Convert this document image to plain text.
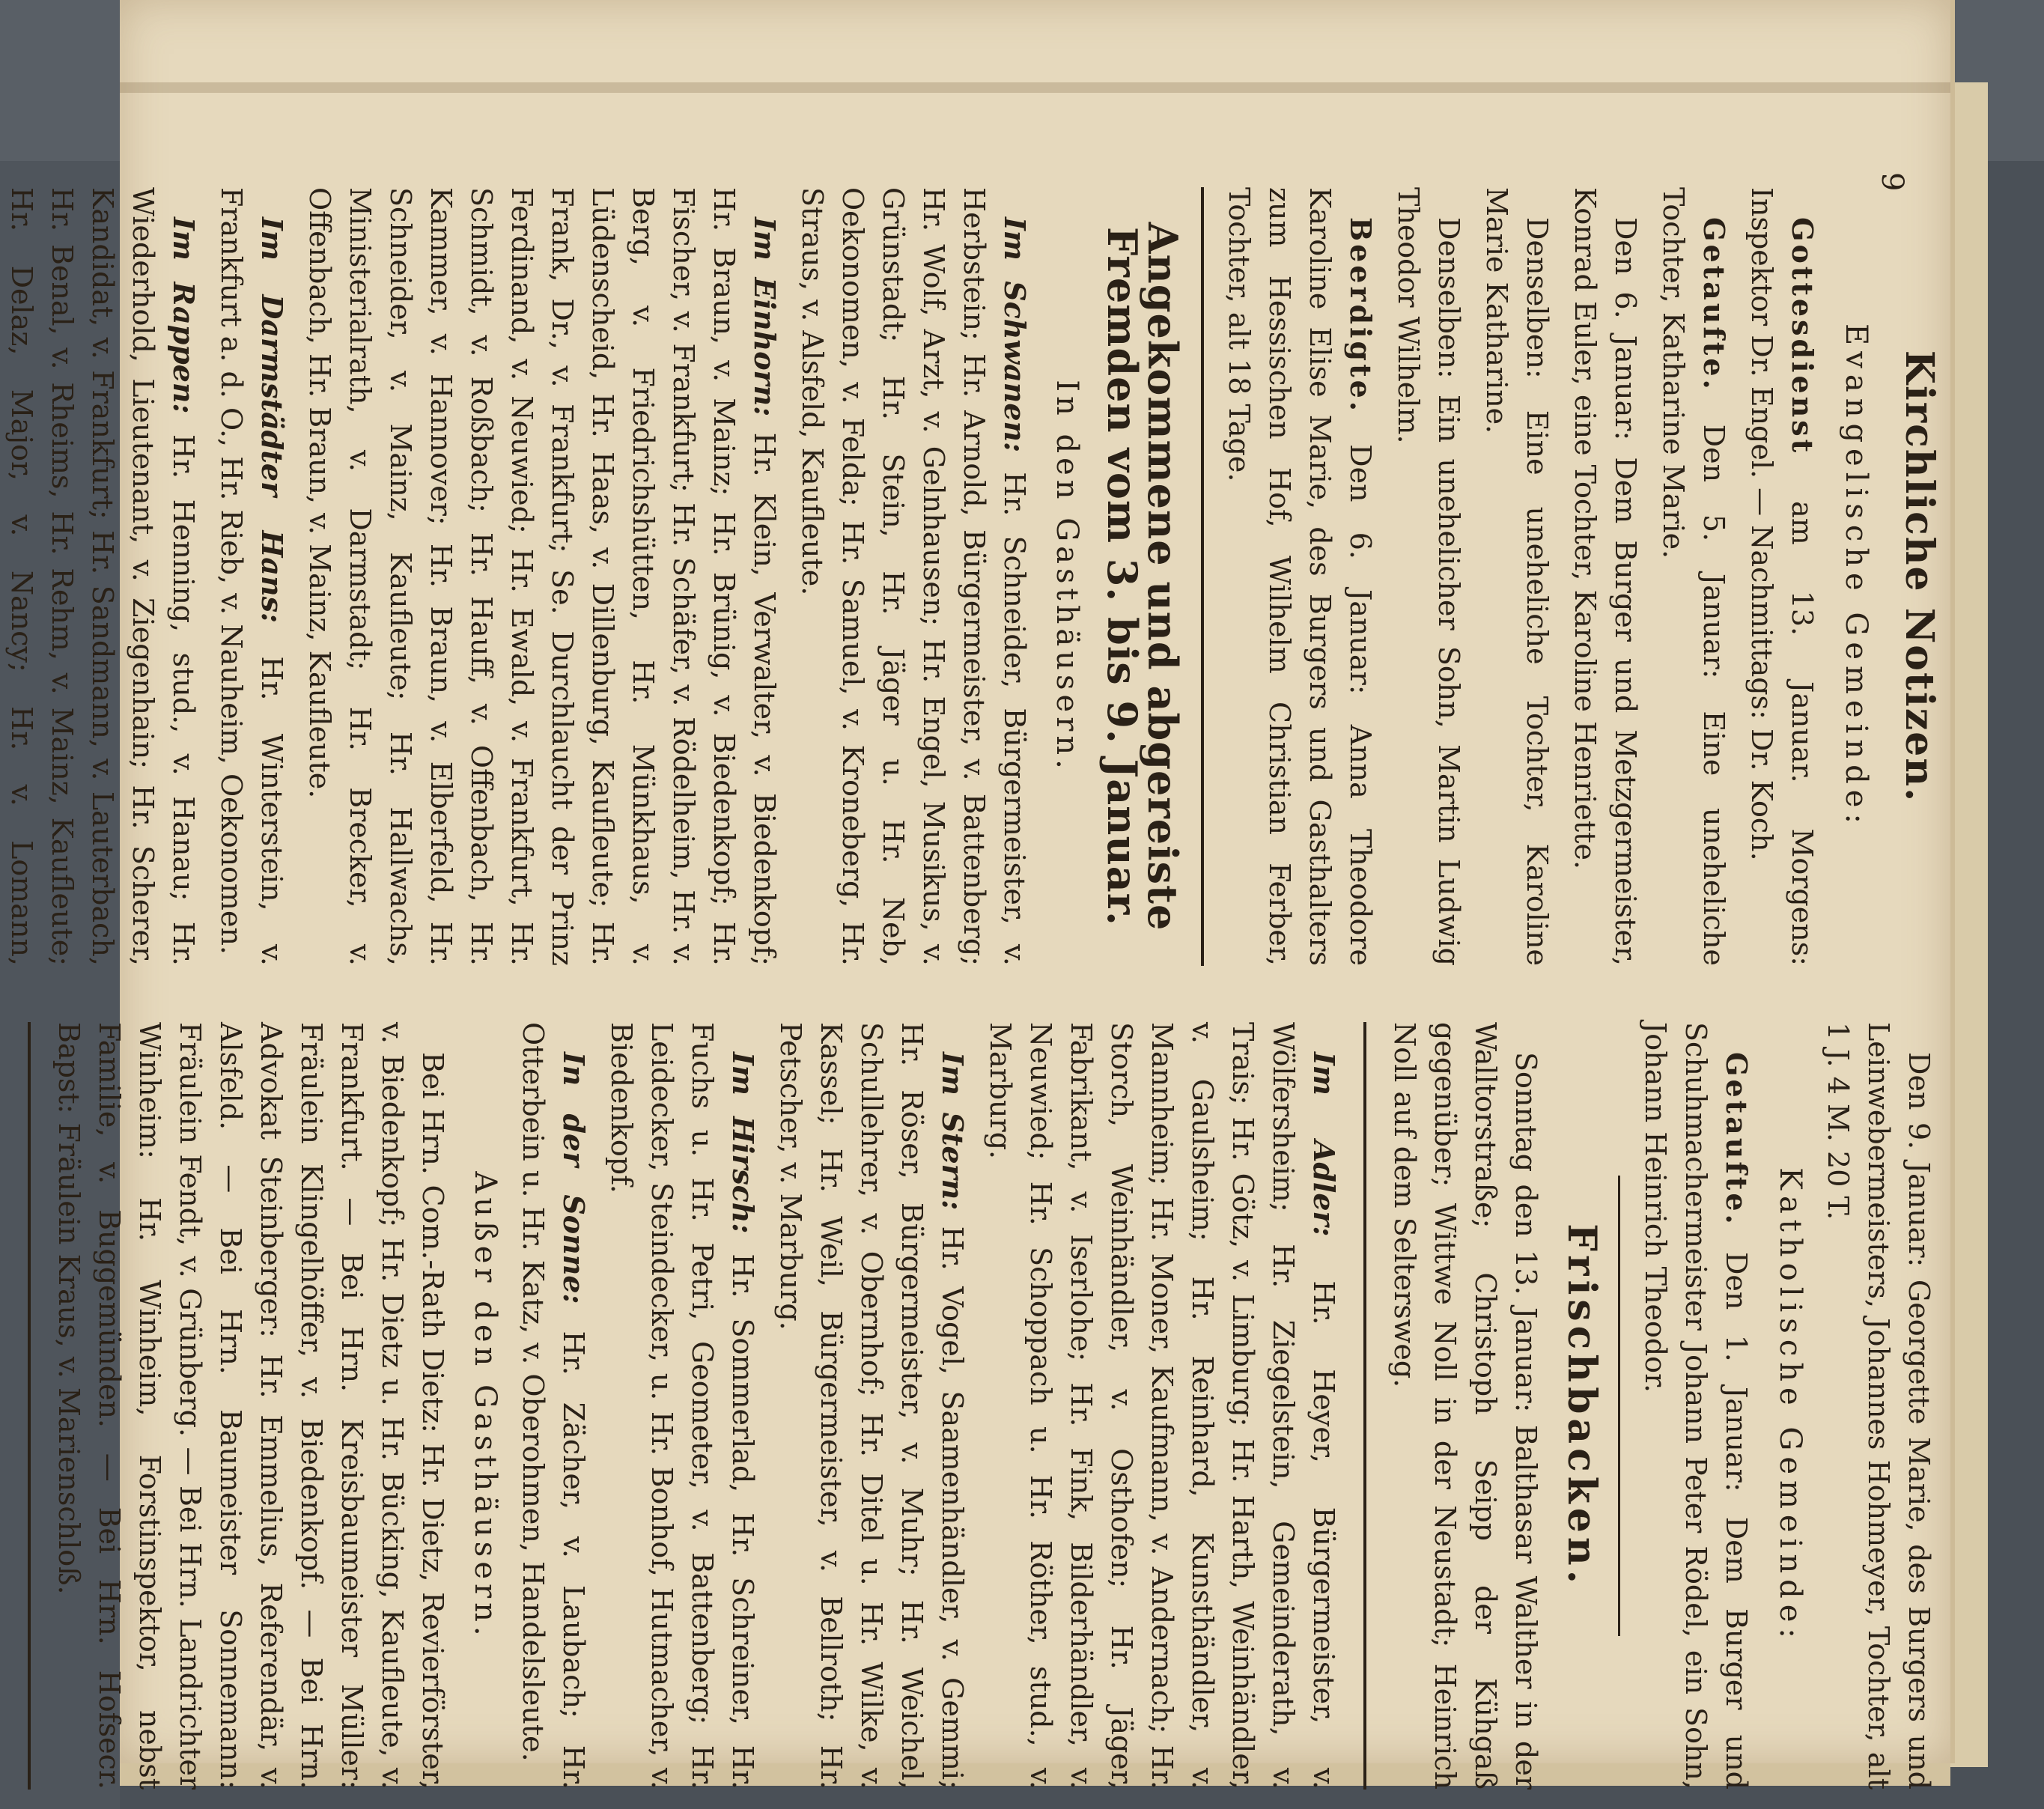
9
Kirchliche Notizen.
Evangelische Gemeinde:

Gottesdienst am 13. Januar. Morgens: Inspektor Dr. Engel. — Nachmittags: Dr. Koch.

Getaufte. Den 5. Januar: Eine uneheliche Tochter, Katharine Marie.

Den 6. Januar: Dem Burger und Metzgermeister, Konrad Euler, eine Tochter, Karoline Henriette.

Denselben: Eine uneheliche Tochter, Karoline Marie Katharine.

Denselben: Ein unehelicher Sohn, Martin Ludwig Theodor Wilhelm.

Beerdigte. Den 6. Januar: Anna Theodore Karoline Elise Marie, des Burgers und Gasthalters zum Hessischen Hof, Wilhelm Christian Ferber, Tochter, alt 18 Tage.

Angekommene und abgereiste Fremden vom 3. bis 9. Januar.
In den Gasthäusern.

Im Schwanen: Hr. Schneider, Bürgermeister, v. Herbstein; Hr. Arnold, Bürgermeister, v. Battenberg; Hr. Wolf, Arzt, v. Gelnhausen; Hr. Engel, Musikus, v. Grünstadt; Hr. Stein, Hr. Jäger u. Hr. Neb, Oekonomen, v. Felda; Hr. Samuel, v. Kroneberg, Hr. Straus, v. Alsfeld, Kaufleute.

Im Einhorn: Hr. Klein, Verwalter, v. Biedenkopf; Hr. Braun, v. Mainz; Hr. Brünig, v. Biedenkopf; Hr. Fischer, v. Frankfurt; Hr. Schäfer, v. Rödelheim, Hr. v. Berg, v. Friedrichshütten, Hr. Münkhaus, v. Lüdenscheid, Hr. Haas, v. Dillenburg, Kaufleute; Hr. Frank, Dr., v. Frankfurt; Se. Durchlaucht der Prinz Ferdinand, v. Neuwied; Hr. Ewald, v. Frankfurt, Hr. Schmidt, v. Roßbach; Hr. Hauff, v. Offenbach, Hr. Kammer, v. Hannover; Hr. Braun, v. Elberfeld, Hr. Schneider, v. Mainz, Kaufleute; Hr. Hallwachs, Ministerialrath, v. Darmstadt; Hr. Brecker, v. Offenbach, Hr. Braun, v. Mainz, Kaufleute.

Im Darmstädter Hans: Hr. Winterstein, v. Frankfurt a. d. O., Hr. Rieb, v. Nauheim, Oekonomen.

Im Rappen: Hr. Henning, stud., v. Hanau; Hr. Wiederhold, Lieutenant, v. Ziegenhain; Hr. Scherer, Kandidat, v. Frankfurt; Hr. Sandmann, v. Lauterbach, Hr. Benal, v. Rheims, Hr. Rehm, v. Mainz, Kaufleute; Hr. Delaz, Major, v. Nancy; Hr. v. Lomann,

Den 9. Januar: Georgette Marie, des Burgers und Leinwebermeisters, Johannes Hohmeyer, Tochter, alt 1 J. 4 M. 20 T.

Katholische Gemeinde:

Getaufte. Den 1. Januar: Dem Burger und Schuhmachermeister Johann Peter Rödel, ein Sohn, Johann Heinrich Theodor.

Frischbacken.

Sonntag den 13. Januar: Balthasar Walther in der Walltorstraße; Christoph Seipp der Kühgaß gegenüber; Wittwe Noll in der Neustadt; Heinrich Noll auf dem Seltersweg.

Im Adler: Hr. Heyer, Bürgermeister, v. Wölfersheim; Hr. Ziegelstein, Gemeinderath, v. Trais; Hr. Götz, v. Limburg; Hr. Harth, Weinhändler, v. Gaulsheim; Hr. Reinhard, Kunsthändler, v. Mannheim; Hr. Moner, Kaufmann, v. Andernach; Hr. Storch, Weinhändler, v. Osthofen; Hr. Jäger, Fabrikant, v. Iserlohe; Hr. Fink, Bilderhändler, v. Neuwied; Hr. Schoppach u. Hr. Röther, stud., v. Marburg.

Im Stern: Hr. Vogel, Saamenhändler, v. Gemmi; Hr. Röser, Bürgermeister, v. Muhr; Hr. Weichel, Schullehrer, v. Obernhof; Hr. Ditel u. Hr. Wilke, v. Kassel; Hr. Weil, Bürgermeister, v. Bellroth; Hr. Petscher, v. Marburg.

Im Hirsch: Hr. Sommerlad, Hr. Schreiner, Hr. Fuchs u. Hr. Petri, Geometer, v. Battenberg; Hr. Leidecker, Steindecker, u. Hr. Bonhof, Hutmacher, v. Biedenkopf.

In der Sonne: Hr. Zächer, v. Laubach; Hr. Otterbein u. Hr. Katz, v. Oberohmen, Handelsleute.

Außer den Gasthäusern.

Bei Hrn. Com.-Rath Dietz: Hr. Dietz, Revierförster, v. Biedenkopf; Hr. Dietz u. Hr. Bücking, Kaufleute, v. Frankfurt. — Bei Hrn. Kreisbaumeister Müller: Fräulein Klingelhöffer, v. Biedenkopf. — Bei Hrn. Advokat Steinberger: Hr. Emmelius, Referendär, v. Alsfeld. — Bei Hrn. Baumeister Sonnemann: Fräulein Fendt, v. Grünberg. — Bei Hrn. Landrichter Winheim: Hr. Winheim, Forstinspektor, nebst Familie, v. Buggemünden. — Bei Hrn. Hofsecr. Bapst: Fräulein Kraus, v. Marienschloß.
